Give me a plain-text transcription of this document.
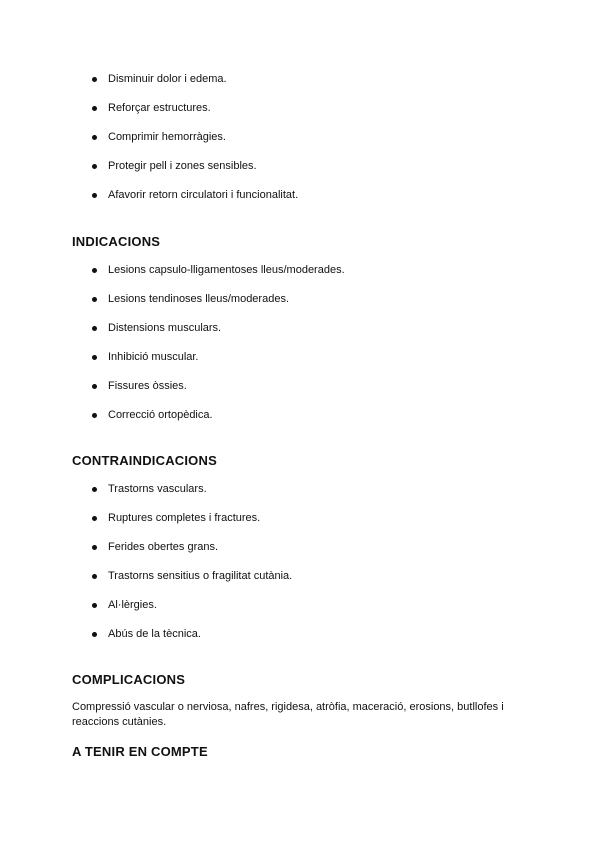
Disminuir dolor i edema.
Reforçar estructures.
Comprimir hemorràgies.
Protegir pell i zones sensibles.
Afavorir retorn circulatori i funcionalitat.
INDICACIONS
Lesions capsulo-lligamentoses lleus/moderades.
Lesions tendinoses lleus/moderades.
Distensions musculars.
Inhibició muscular.
Fissures òssies.
Correcció ortopèdica.
CONTRAINDICACIONS
Trastorns vasculars.
Ruptures completes i fractures.
Ferides obertes grans.
Trastorns sensitius o fragilitat cutània.
Al·lèrgies.
Abús de la tècnica.
COMPLICACIONS

Compressió vascular o nerviosa, nafres, rigidesa, atròfia, maceració, erosions, butllofes i reaccions cutànies.

A TENIR EN COMPTE
